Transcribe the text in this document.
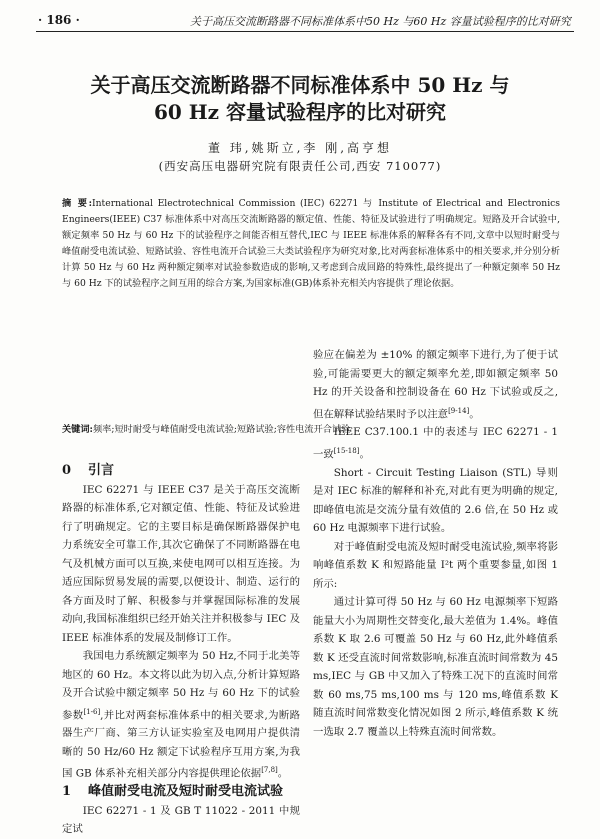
· 186 ·	关于高压交流断路器不同标准体系中50 Hz 与60 Hz 容量试验程序的比对研究
关于高压交流断路器不同标准体系中 50 Hz 与
60 Hz 容量试验程序的比对研究
董 玮,姚斯立,李 刚,高亨想
(西安高压电器研究院有限责任公司,西安 710077)
摘 要:International Electrotechnical Commission (IEC) 62271 与 Institute of Electrical and Electronics Engineers(IEEE) C37 标准体系中对高压交流断路器的额定值、性能、特征及试验进行了明确规定。短路及开合试验中,额定频率 50 Hz 与 60 Hz 下的试验程序之间能否相互替代,IEC 与 IEEE 标准体系的解释各有不同,文章中以短时耐受与峰值耐受电流试验、短路试验、容性电流开合试验三大类试验程序为研究对象,比对两套标准体系中的相关要求,并分别分析计算 50 Hz 与 60 Hz 两种额定频率对试验参数造成的影响,又考虑到合成回路的特殊性,最终提出了一种额定频率 50 Hz 与 60 Hz 下的试验程序之间互用的综合方案,为国家标准(GB)体系补充相关内容提供了理论依据。
关键词:频率;短时耐受与峰值耐受电流试验;短路试验;容性电流开合试验

0 引言

IEC 62271 与 IEEE C37 是关于高压交流断路器的标准体系,它对额定值、性能、特征及试验进行了明确规定。它的主要目标是确保断路器保护电力系统安全可靠工作,其次它确保了不同断路器在电气及机械方面可以互换,来使电网可以相互连接。为适应国际贸易发展的需要,以便设计、制造、运行的各方面及时了解、积极参与并掌握国际标准的发展动向,我国标准组织已经开始关注并积极参与 IEC 及 IEEE 标准体系的发展及制修订工作。

我国电力系统额定频率为 50 Hz,不同于北美等地区的 60 Hz。本文将以此为切入点,分析计算短路及开合试验中额定频率 50 Hz 与 60 Hz 下的试验参数[1-6],并比对两套标准体系中的相关要求,为断路器生产厂商、第三方认证实验室及电网用户提供清晰的 50 Hz/60 Hz 额定下试验程序互用方案,为我国 GB 体系补充相关部分内容提供理论依据[7,8]。

1 峰值耐受电流及短时耐受电流试验

IEC 62271 - 1 及 GB T 11022 - 2011 中规定试

验应在偏差为 ±10% 的额定频率下进行,为了便于试验,可能需要更大的额定频率允差,即如额定频率 50 Hz 的开关设备和控制设备在 60 Hz 下试验或反之,但在解释试验结果时予以注意[9-14]。

IEEE C37.100.1 中的表述与 IEC 62271 - 1 一致[15-18]。

Short - Circuit Testing Liaison (STL) 导则是对 IEC 标准的解释和补充,对此有更为明确的规定,即峰值电流是交流分量有效值的 2.6 倍,在 50 Hz 或 60 Hz 电源频率下进行试验。

对于峰值耐受电流及短时耐受电流试验,频率将影响峰值系数 K 和短路能量 I²t 两个重要参量,如图 1 所示:

通过计算可得 50 Hz 与 60 Hz 电源频率下短路能量大小为周期性交替变化,最大差值为 1.4%。峰值系数 K 取 2.6 可覆盖 50 Hz 与 60 Hz,此外峰值系数 K 还受直流时间常数影响,标准直流时间常数为 45 ms,IEC 与 GB 中又加入了特殊工况下的直流时间常数 60 ms,75 ms,100 ms 与 120 ms,峰值系数 K 随直流时间常数变化情况如图 2 所示,峰值系数 K 统一选取 2.7 覆盖以上特殊直流时间常数。
